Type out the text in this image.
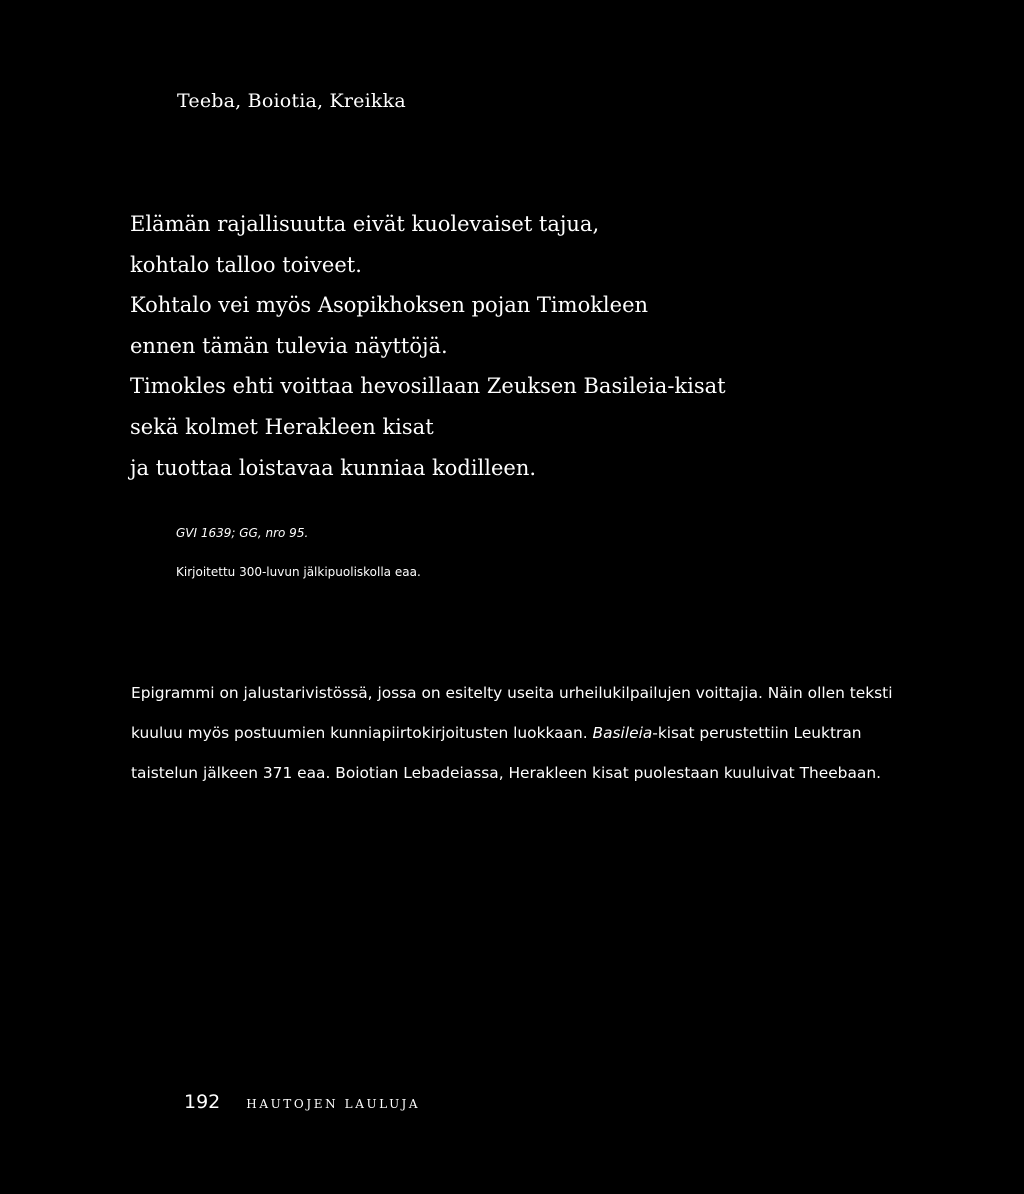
Teeba, Boiotia, Kreikka
Elämän rajallisuutta eivät kuolevaiset tajua,
kohtalo talloo toiveet.
Kohtalo vei myös Asopikhoksen pojan Timokleen
ennen tämän tulevia näyttöjä.
Timokles ehti voittaa hevosillaan Zeuksen Basileia-kisat
sekä kolmet Herakleen kisat
ja tuottaa loistavaa kunniaa kodilleen.

GVI 1639; GG, nro 95.

Kirjoitettu 300-luvun jälkipuoliskolla eaa.

Epigrammi on jalustarivistössä, jossa on esitelty useita urheilukilpailujen voittajia. Näin ollen teksti
kuuluu myös postuumien kunniapiirtokirjoitusten luokkaan. Basileia-kisat perustettiin Leuktran
taistelun jälkeen 371 eaa. Boiotian Lebadeiassa, Herakleen kisat puolestaan kuuluivat Theebaan.

192 HAUTOJEN LAULUJA
